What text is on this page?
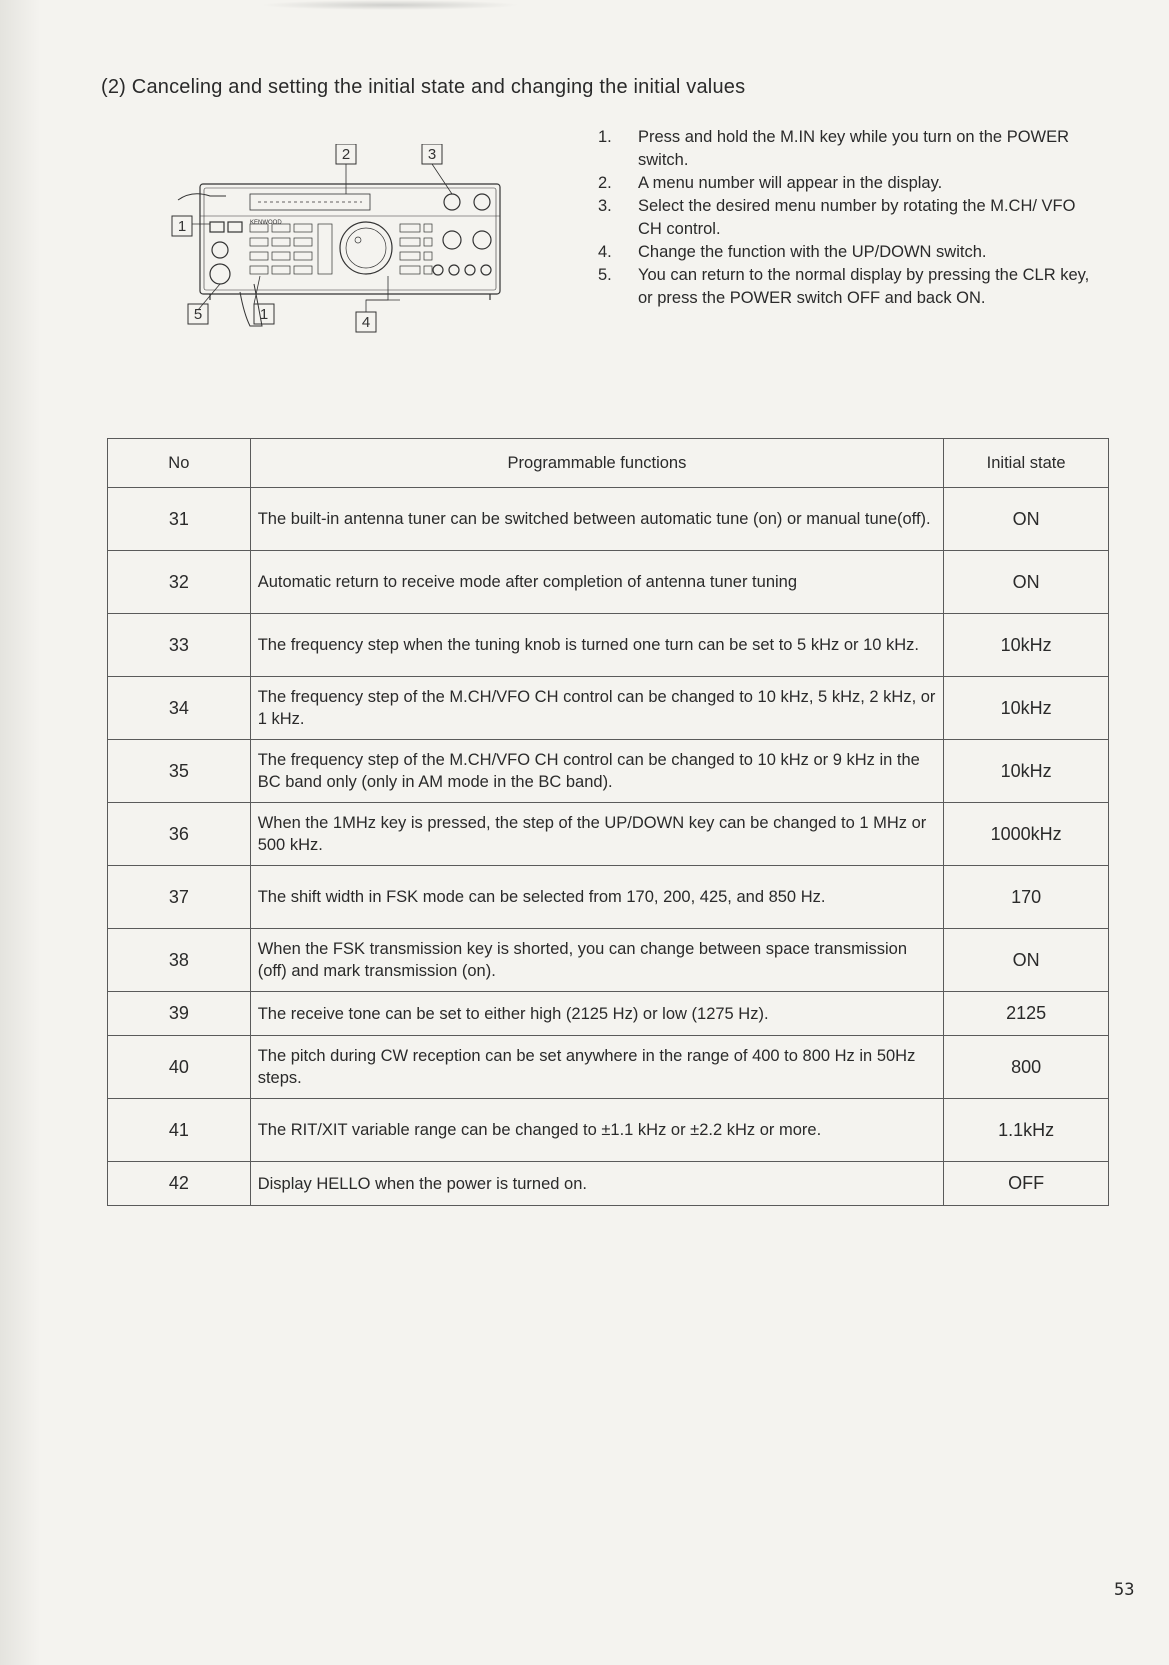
(2) Canceling and setting the initial state and changing the initial values
2	3
1
5	1	4
KENWOOD
1.	Press and hold the M.IN key while you turn on the POWER switch.
2.	A menu number will appear in the display.
3.	Select the desired menu number by rotating the M.CH/ VFO CH control.
4.	Change the function with the UP/DOWN switch.
5.	You can return to the normal display by pressing the CLR key, or press the POWER switch OFF and back ON.
No	Programmable functions	Initial state
31	The built-in antenna tuner can be switched between automatic tune (on) or manual tune(off).	ON
32	Automatic return to receive mode after completion of antenna tuner tuning	ON
33	The frequency step when the tuning knob is turned one turn can be set to 5 kHz or 10 kHz.	10kHz
34	The frequency step of the M.CH/VFO CH control can be changed to 10 kHz, 5 kHz, 2 kHz, or 1 kHz.	10kHz
35	The frequency step of the M.CH/VFO CH control can be changed to 10 kHz or 9 kHz in the BC band only (only in AM mode in the BC band).	10kHz
36	When the 1MHz key is pressed, the step of the UP/DOWN key can be changed to 1 MHz or 500 kHz.	1000kHz
37	The shift width in FSK mode can be selected from 170, 200, 425, and 850 Hz.	170
38	When the FSK transmission key is shorted, you can change between space transmission (off) and mark transmission (on).	ON
39	The receive tone can be set to either high (2125 Hz) or low (1275 Hz).	2125
40	The pitch during CW reception can be set anywhere in the range of 400 to 800 Hz in 50Hz steps.	800
41	The RIT/XIT variable range can be changed to ±1.1 kHz or ±2.2 kHz or more.	1.1kHz
42	Display HELLO when the power is turned on.	OFF
53
